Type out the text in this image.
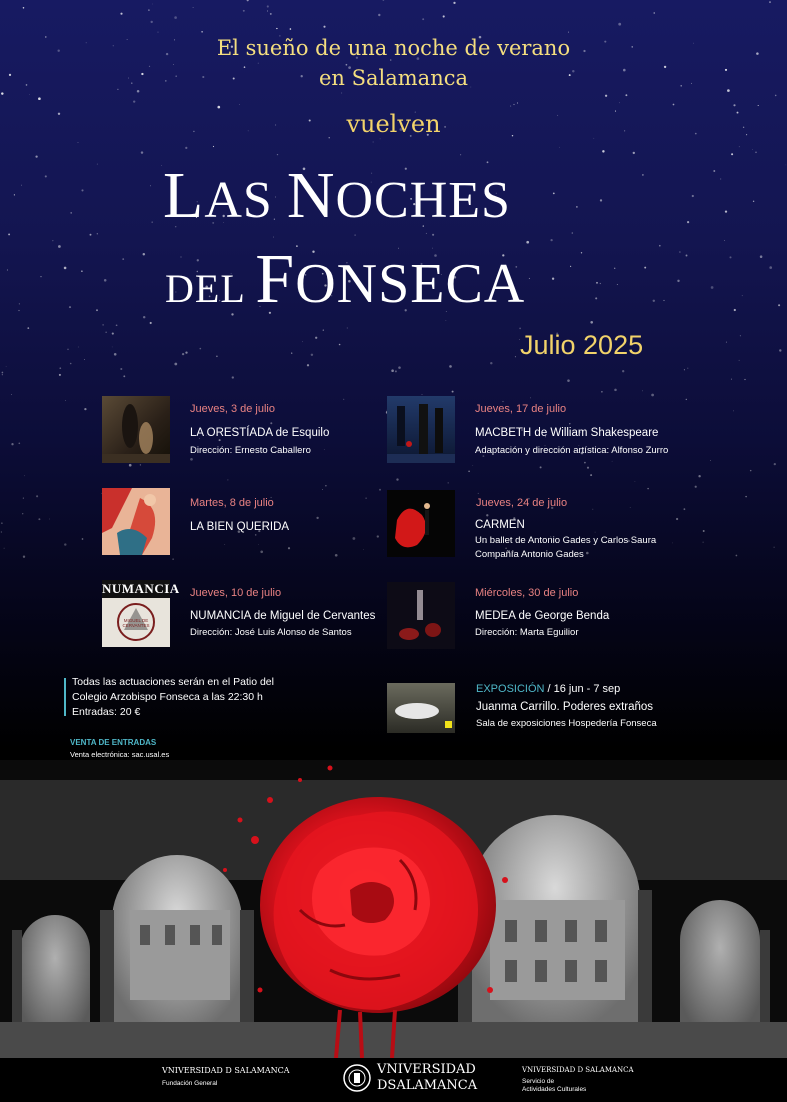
El sueño de una noche de verano
en Salamanca
vuelven
LAS NOCHES
DEL FONSECA
Julio 2025
Jueves, 3 de julio
LA ORESTÍADA de Esquilo
Dirección: Ernesto Caballero
Jueves, 17 de julio
MACBETH de William Shakespeare
Adaptación y dirección artística: Alfonso Zurro
Martes, 8 de julio
LA BIEN QUERIDA
Jueves, 24 de julio
CARMEN
Un ballet de Antonio Gades y Carlos Saura
Compañía Antonio Gades
NUMANCIA
MIGUEL DE CERVANTES
Jueves, 10 de julio
NUMANCIA de Miguel de Cervantes
Dirección: José Luis Alonso de Santos
Miércoles, 30 de julio
MEDEA de George Benda
Dirección: Marta Eguilior
Todas las actuaciones serán en el Patio del
Colegio Arzobispo Fonseca a las 22:30 h
Entradas: 20 €
VENTA DE ENTRADAS
Venta electrónica: sac.usal.es
EXPOSICIÓN / 16 jun - 7 sep
Juanma Carrillo. Poderes extraños
Sala de exposiciones Hospedería Fonseca
VNIVERSIDAD D SALAMANCA
Fundación General
VNIVERSIDAD
DSALAMANCA
VNIVERSIDAD D SALAMANCA
Servicio de
Actividades Culturales
